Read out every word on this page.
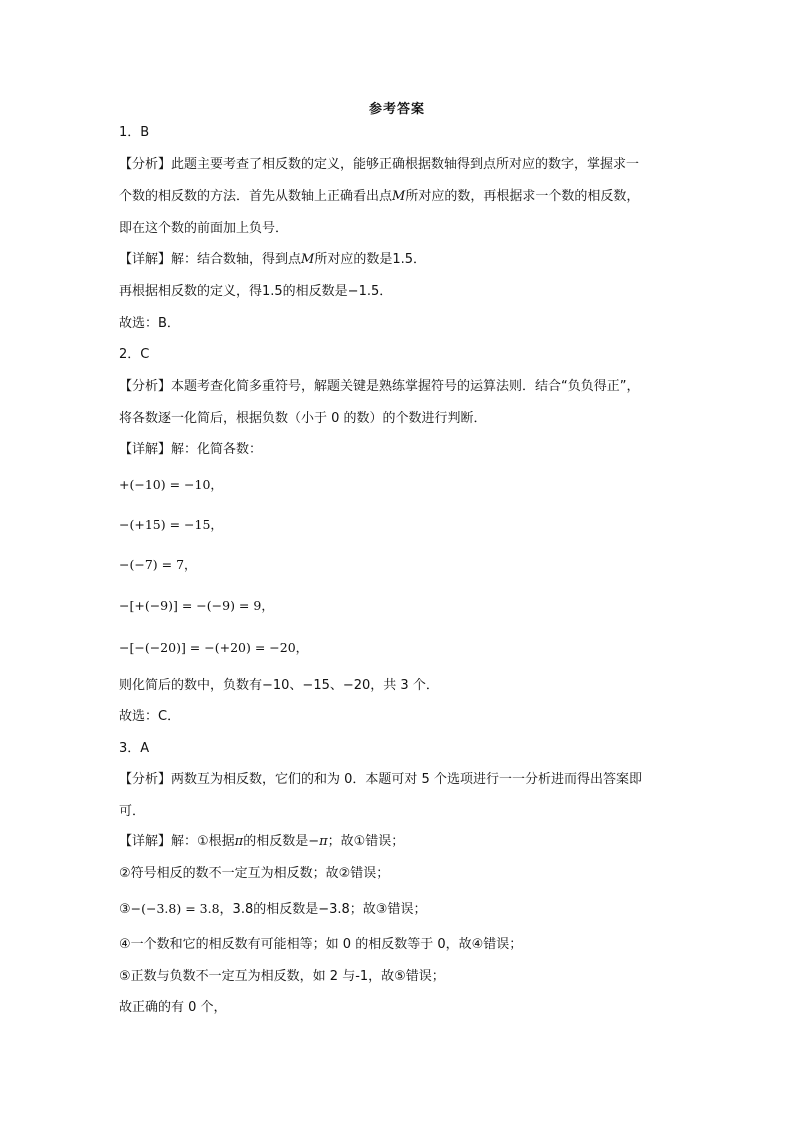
参考答案
1．B
【分析】此题主要考查了相反数的定义，能够正确根据数轴得到点所对应的数字，掌握求一
个数的相反数的方法．首先从数轴上正确看出点M所对应的数，再根据求一个数的相反数，
即在这个数的前面加上负号．
【详解】解：结合数轴，得到点M所对应的数是1.5．
再根据相反数的定义，得1.5的相反数是−1.5．
故选：B．
2．C
【分析】本题考查化简多重符号，解题关键是熟练掌握符号的运算法则．结合“负负得正”，
将各数逐一化简后，根据负数（小于 0 的数）的个数进行判断．
【详解】解：化简各数：
+(−10) = −10，
−(+15) = −15，
−(−7) = 7，
−[+(−9)] = −(−9) = 9，
−[−(−20)] = −(+20) = −20，
则化简后的数中，负数有−10、−15、−20，共 3 个．
故选：C．
3．A
【分析】两数互为相反数，它们的和为 0．本题可对 5 个选项进行一一分析进而得出答案即
可．
【详解】解：①根据π的相反数是−π；故①错误；
②符号相反的数不一定互为相反数；故②错误；
③−(−3.8) = 3.8，3.8的相反数是−3.8；故③错误；
④一个数和它的相反数有可能相等；如 0 的相反数等于 0，故④错误；
⑤正数与负数不一定互为相反数，如 2 与-1，故⑤错误；
故正确的有 0 个，
